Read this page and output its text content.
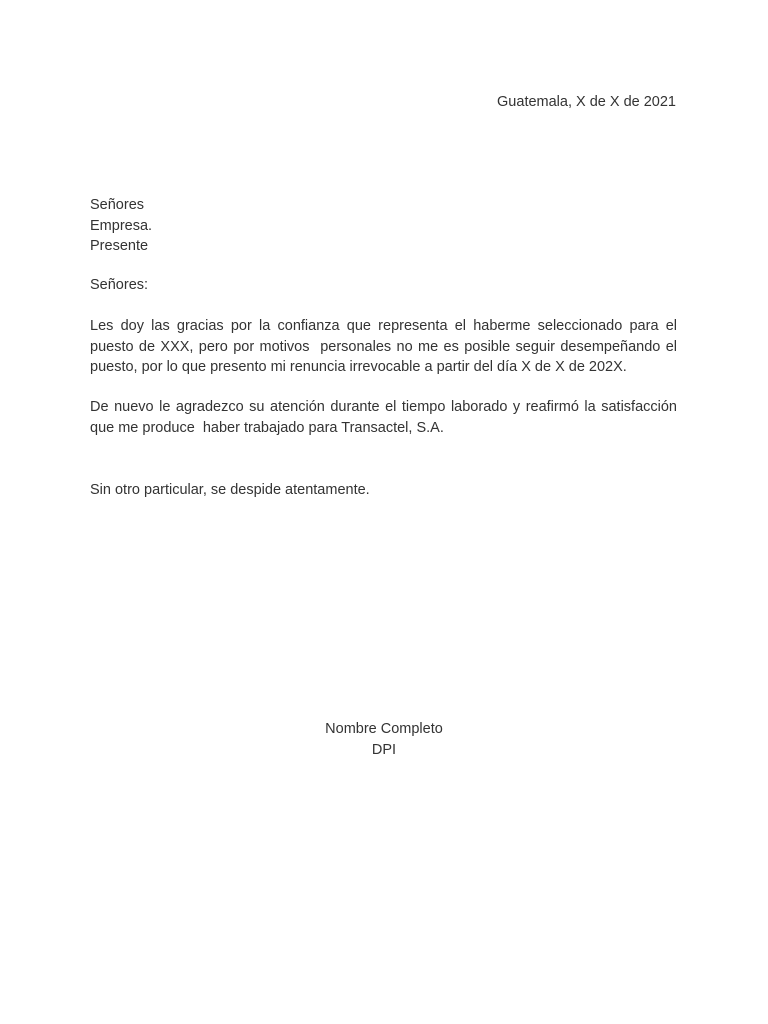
Guatemala, X de X de 2021
Señores
Empresa.
Presente
Señores:
Les doy las gracias por la confianza que representa el haberme seleccionado para el puesto de XXX, pero por motivos  personales no me es posible seguir desempeñando el puesto, por lo que presento mi renuncia irrevocable a partir del día X de X de 202X.
De nuevo le agradezco su atención durante el tiempo laborado y reafirmó la satisfacción que me produce  haber trabajado para Transactel, S.A.
Sin otro particular, se despide atentamente.
Nombre Completo
DPI
